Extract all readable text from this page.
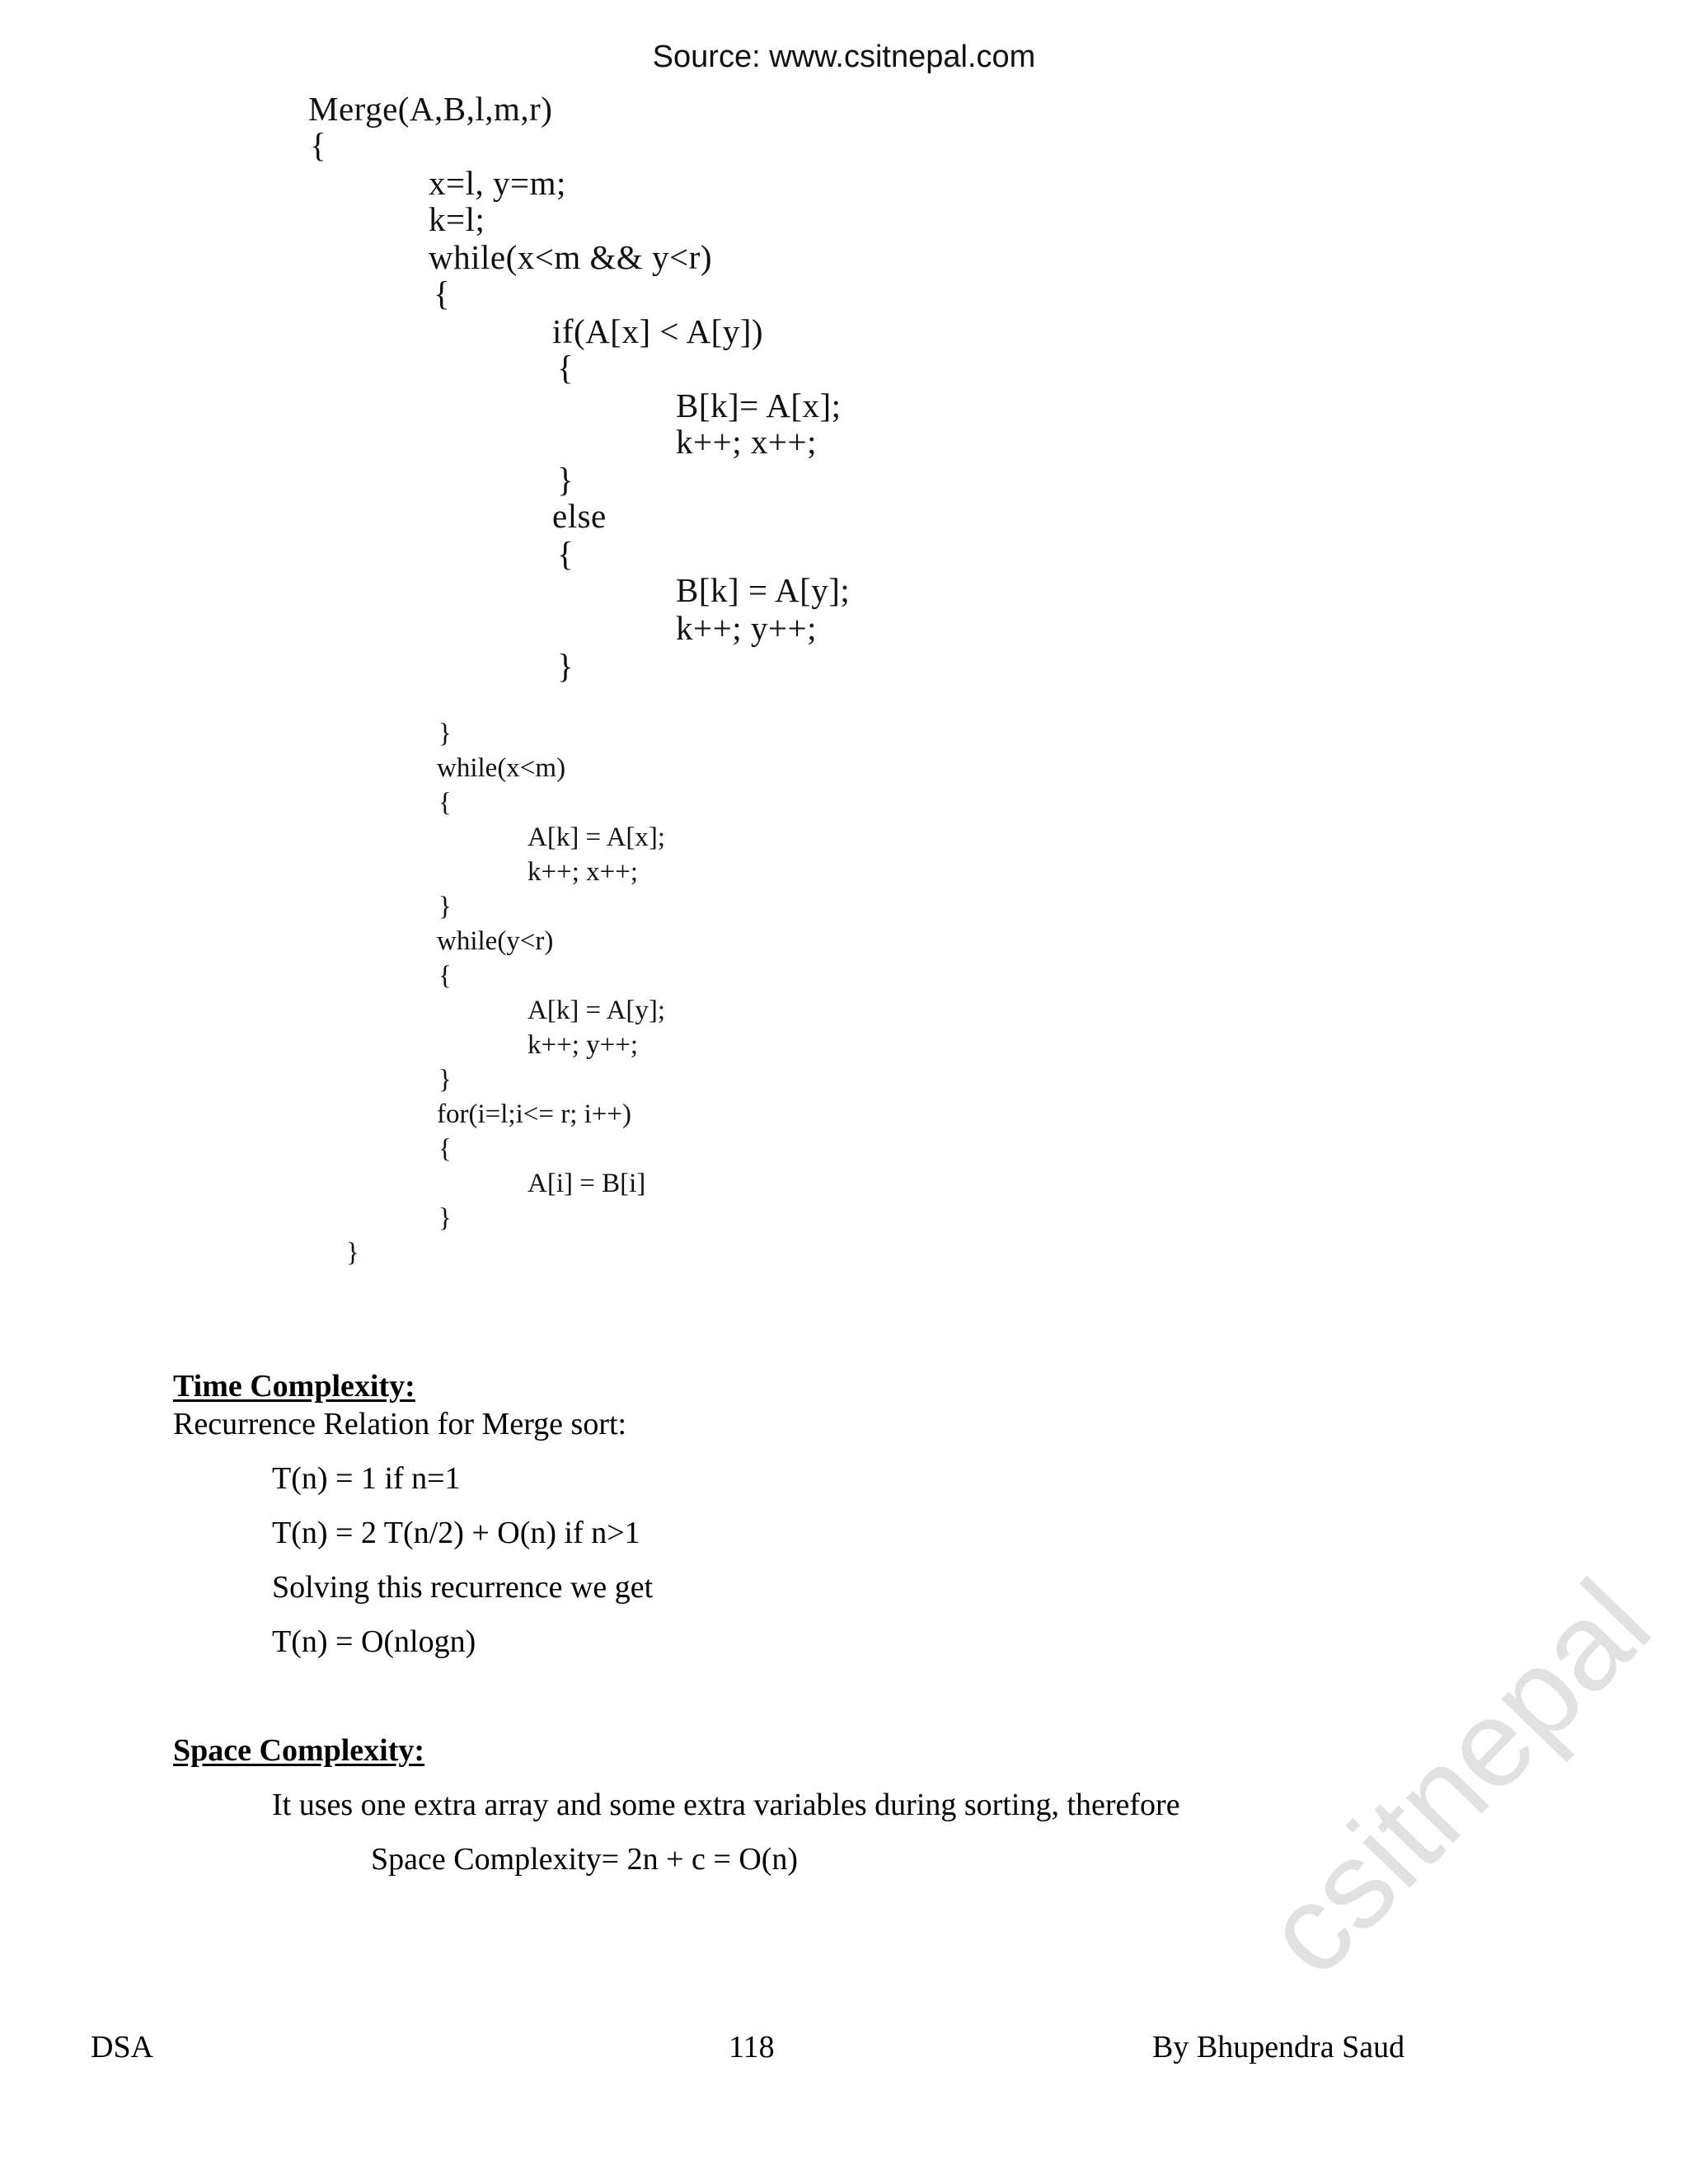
Source: www.csitnepal.com
Merge(A,B,l,m,r)
{
x=l, y=m;
k=l;
while(x<m && y<r)
{
if(A[x] < A[y])
{
B[k]= A[x];
k++; x++;
}
else
{
B[k] = A[y];
k++; y++;
}
}
while(x<m)
{
A[k] = A[x];
k++; x++;
}
while(y<r)
{
A[k] = A[y];
k++; y++;
}
for(i=l;i<= r; i++)
{
A[i] = B[i]
}
}
Time Complexity:
Recurrence Relation for Merge sort:
T(n) = 1 if n=1
T(n) = 2 T(n/2) + O(n) if n>1
Solving this recurrence we get
T(n) = O(nlogn)
Space Complexity:
It uses one extra array and some extra variables during sorting, therefore
Space Complexity= 2n + c = O(n)
DSA	118	By Bhupendra Saud
csitnepal
